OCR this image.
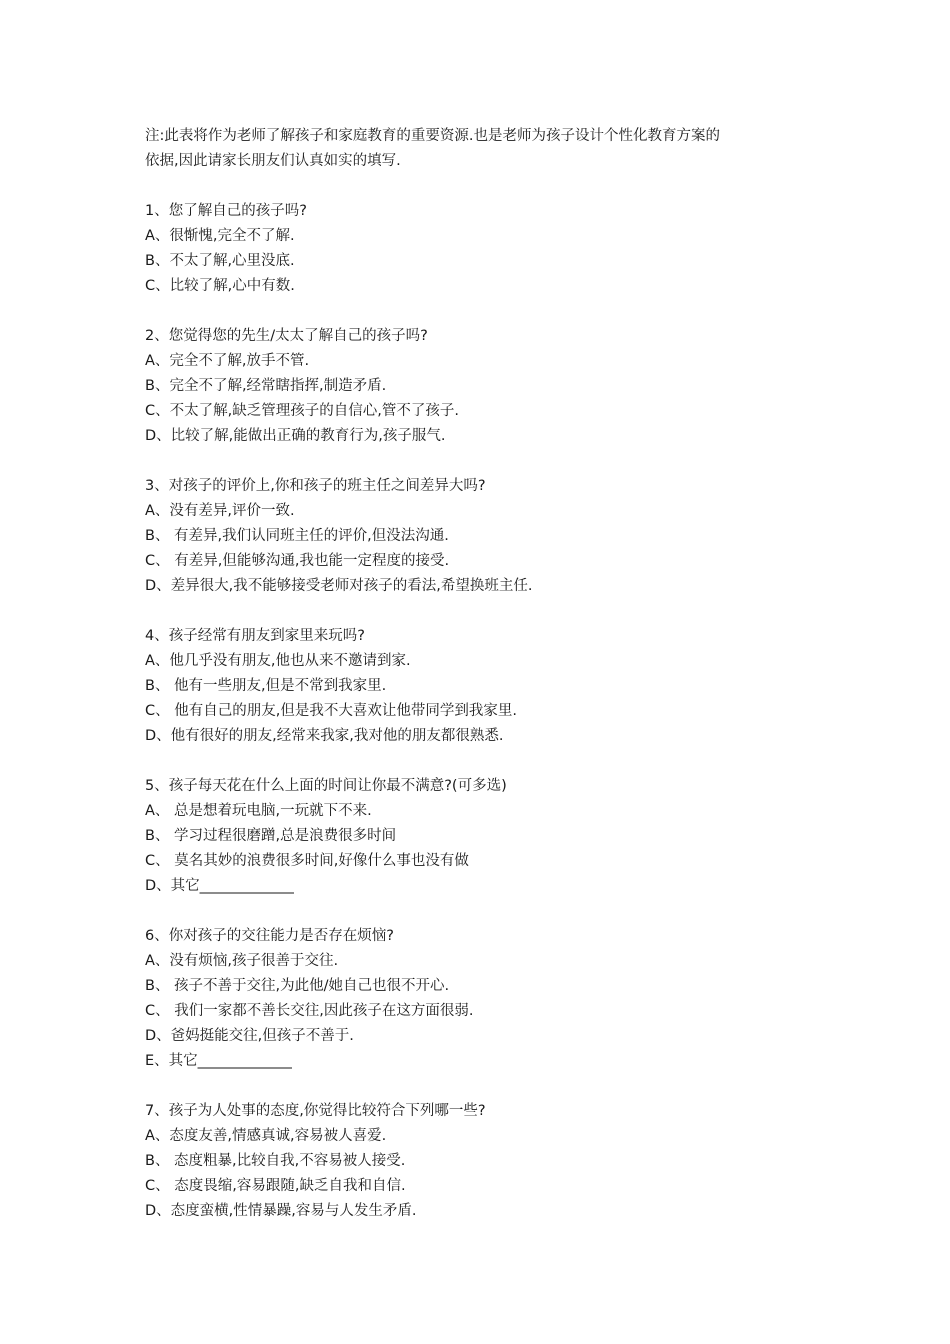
注:此表将作为老师了解孩子和家庭教育的重要资源.也是老师为孩子设计个性化教育方案的

依据,因此请家长朋友们认真如实的填写.

1、您了解自己的孩子吗?

A、很惭愧,完全不了解.

B、不太了解,心里没底.

C、比较了解,心中有数.

2、您觉得您的先生/太太了解自己的孩子吗?

A、完全不了解,放手不管.

B、完全不了解,经常瞎指挥,制造矛盾.

C、不太了解,缺乏管理孩子的自信心,管不了孩子.

D、比较了解,能做出正确的教育行为,孩子服气.

3、对孩子的评价上,你和孩子的班主任之间差异大吗?

A、没有差异,评价一致.

B、 有差异,我们认同班主任的评价,但没法沟通.

C、 有差异,但能够沟通,我也能一定程度的接受.

D、差异很大,我不能够接受老师对孩子的看法,希望换班主任.

4、孩子经常有朋友到家里来玩吗?

A、他几乎没有朋友,他也从来不邀请到家.

B、 他有一些朋友,但是不常到我家里.

C、 他有自己的朋友,但是我不大喜欢让他带同学到我家里.

D、他有很好的朋友,经常来我家,我对他的朋友都很熟悉.

5、孩子每天花在什么上面的时间让你最不满意?(可多选)

A、 总是想着玩电脑,一玩就下不来.

B、 学习过程很磨蹭,总是浪费很多时间

C、 莫名其妙的浪费很多时间,好像什么事也没有做

D、其它_____________

6、你对孩子的交往能力是否存在烦恼?

A、没有烦恼,孩子很善于交往.

B、 孩子不善于交往,为此他/她自己也很不开心.

C、 我们一家都不善长交往,因此孩子在这方面很弱.

D、爸妈挺能交往,但孩子不善于.

E、其它_____________

7、孩子为人处事的态度,你觉得比较符合下列哪一些?

A、态度友善,情感真诚,容易被人喜爱.

B、 态度粗暴,比较自我,不容易被人接受.

C、 态度畏缩,容易跟随,缺乏自我和自信.

D、态度蛮横,性情暴躁,容易与人发生矛盾.
